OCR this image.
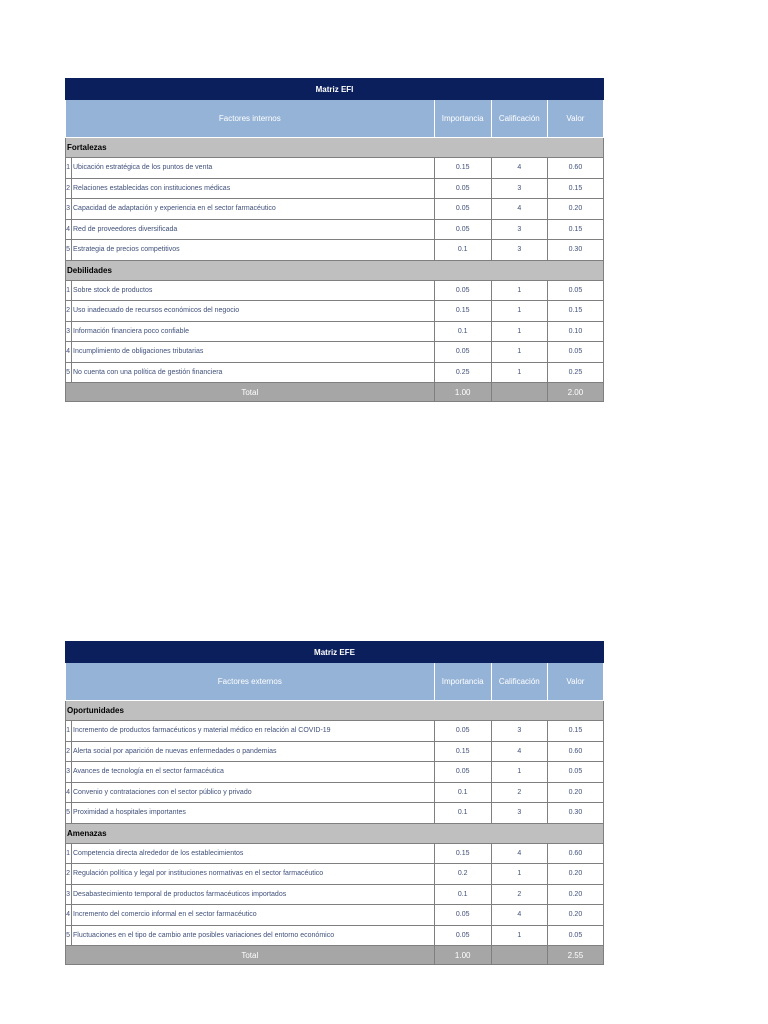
Matriz EFI				
Factores internos		Importancia	Calificación	Valor
Fortalezas				
1	Ubicación estratégica de los puntos de venta	0.15	4	0.60
2	Relaciones establecidas con instituciones médicas	0.05	3	0.15
3	Capacidad de adaptación y experiencia en el sector farmacéutico	0.05	4	0.20
4	Red de proveedores diversificada	0.05	3	0.15
5	Estrategia de precios competitivos	0.1	3	0.30
Debilidades				
1	Sobre stock de productos	0.05	1	0.05
2	Uso inadecuado de recursos económicos del negocio	0.15	1	0.15
3	Información financiera poco confiable	0.1	1	0.10
4	Incumplimiento de obligaciones tributarias	0.05	1	0.05
5	No cuenta con una política de gestión financiera	0.25	1	0.25
Total		1.00		2.00
Matriz EFE				
Factores externos		Importancia	Calificación	Valor
Oportunidades				
1	Incremento de productos farmacéuticos y material médico en relación al COVID-19	0.05	3	0.15
2	Alerta social por aparición de nuevas enfermedades o pandemias	0.15	4	0.60
3	Avances de tecnología en el sector farmacéutica	0.05	1	0.05
4	Convenio y contrataciones con el sector público y privado	0.1	2	0.20
5	Proximidad a hospitales importantes	0.1	3	0.30
Amenazas				
1	Competencia directa alrededor de los establecimientos	0.15	4	0.60
2	Regulación política y legal por instituciones normativas en el sector farmacéutico	0.2	1	0.20
3	Desabastecimiento temporal de productos farmacéuticos importados	0.1	2	0.20
4	Incremento del comercio informal en el sector farmacéutico	0.05	4	0.20
5	Fluctuaciones en el tipo de cambio ante posibles variaciones del entorno económico	0.05	1	0.05
Total		1.00		2.55
